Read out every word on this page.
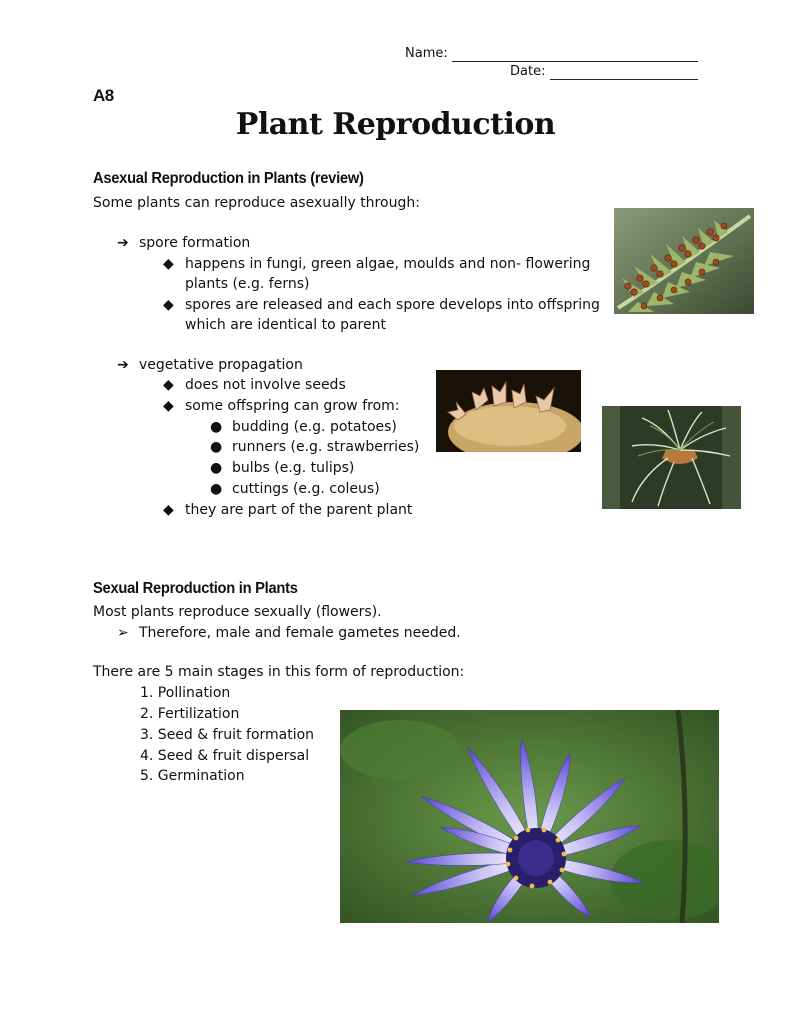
Name:
Date:
A8
Plant Reproduction
Asexual Reproduction in Plants (review)
Some plants can reproduce asexually through:
➔ spore formation
◆ happens in fungi, green algae, moulds and non- flowering
plants (e.g. ferns)
◆ spores are released and each spore develops into offspring
which are identical to parent
➔ vegetative propagation
◆ does not involve seeds
◆ some offspring can grow from:
● budding (e.g. potatoes)
● runners (e.g. strawberries)
● bulbs (e.g. tulips)
● cuttings (e.g. coleus)
◆ they are part of the parent plant
Sexual Reproduction in Plants
Most plants reproduce sexually (flowers).
➢ Therefore, male and female gametes needed.
There are 5 main stages in this form of reproduction:
1. Pollination
2. Fertilization
3. Seed & fruit formation
4. Seed & fruit dispersal
5. Germination
